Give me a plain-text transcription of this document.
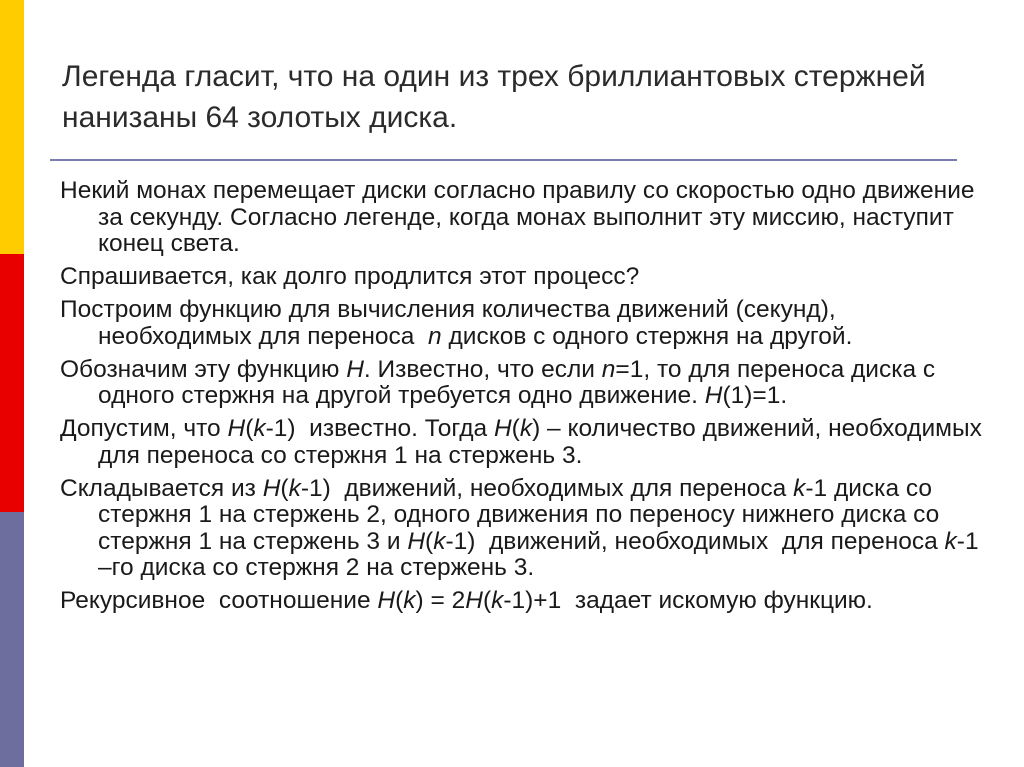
Легенда гласит, что на один из трех бриллиантовых стержней нанизаны 64 золотых диска.

Некий монах перемещает диски согласно правилу со скоростью одно движение за секунду. Согласно легенде, когда монах выполнит эту миссию, наступит конец света.

Спрашивается, как долго продлится этот процесс?

Построим функцию для вычисления количества движений (секунд), необходимых для переноса  n дисков с одного стержня на другой.

Обозначим эту функцию H. Известно, что если n=1, то для переноса диска с одного стержня на другой требуется одно движение. H(1)=1.

Допустим, что H(k-1)  известно. Тогда H(k) – количество движений, необходимых для переноса со стержня 1 на стержень 3.

Складывается из H(k-1)  движений, необходимых для переноса k-1 диска со стержня 1 на стержень 2, одного движения по переносу нижнего диска со стержня 1 на стержень 3 и H(k-1)  движений, необходимых  для переноса k-1 –го диска со стержня 2 на стержень 3.

Рекурсивное  соотношение H(k) = 2H(k-1)+1  задает искомую функцию.
